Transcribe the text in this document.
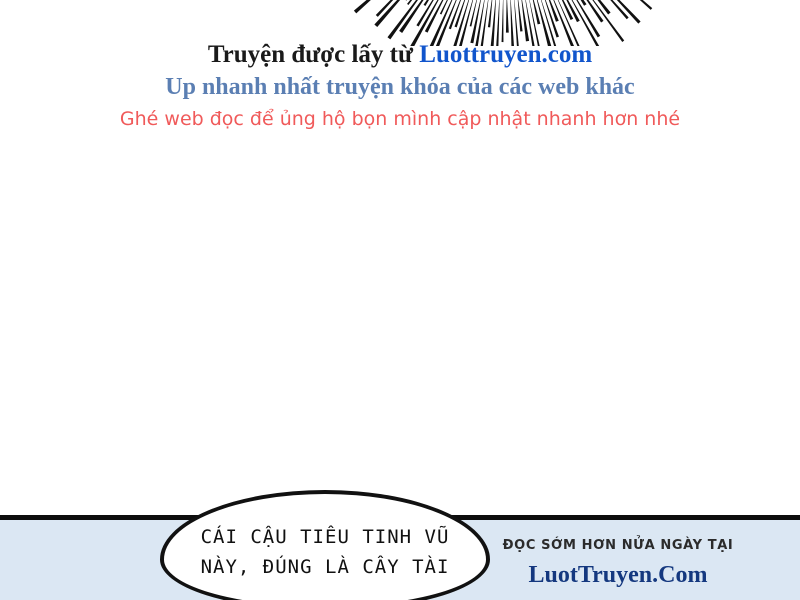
Truyện được lấy từ Luottruyen.com
Up nhanh nhất truyện khóa của các web khác
Ghé web đọc để ủng hộ bọn mình cập nhật nhanh hơn nhé
CÁI CẬU TIÊU TINH VŨ
NÀY, ĐÚNG LÀ CÂY TÀI
ĐỌC SỚM HƠN NỬA NGÀY TẠI
LuotTruyen.Com
